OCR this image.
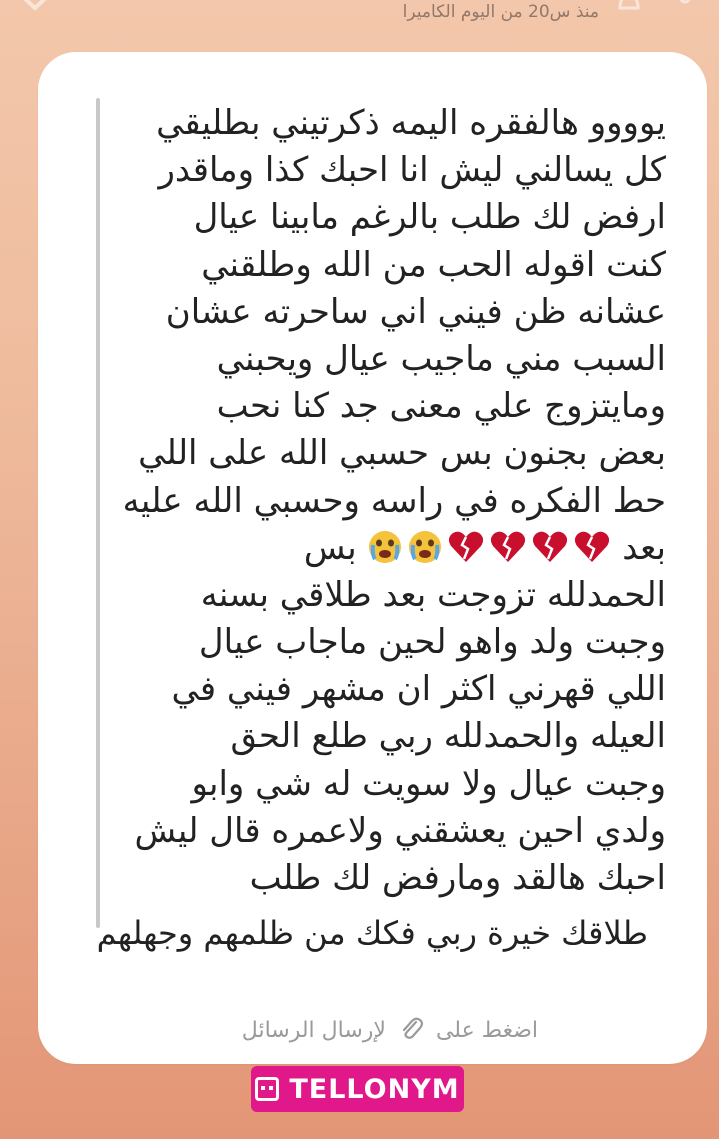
منذ س20 من اليوم الكاميرا
يوووو هالفقره اليمه ذكرتيني بطليقي
كل يسالني ليش انا احبك كذا وماقدر
ارفض لك طلب بالرغم مابينا عيال
كنت اقوله الحب من الله وطلقني
عشانه ظن فيني اني ساحرته عشان
السبب مني ماجيب عيال ويحبني
ومايتزوج علي معنى جد كنا نحب
بعض بجنون بس حسبي الله على اللي
حط الفكره في راسه وحسبي الله عليه
بعد
بس
الحمدلله تزوجت بعد طلاقي بسنه
وجبت ولد واهو لحين ماجاب عيال
اللي قهرني اكثر ان مشهر فيني في
العيله والحمدلله ربي طلع الحق
وجبت عيال ولا سويت له شي وابو
ولدي احين يعشقني ولاعمره قال ليش
احبك هالقد ومارفض لك طلب
طلاقك خيرة ربي فكك من ظلمهم وجهلهم
اضغط على  لإرسال الرسائل
TELLONYM
